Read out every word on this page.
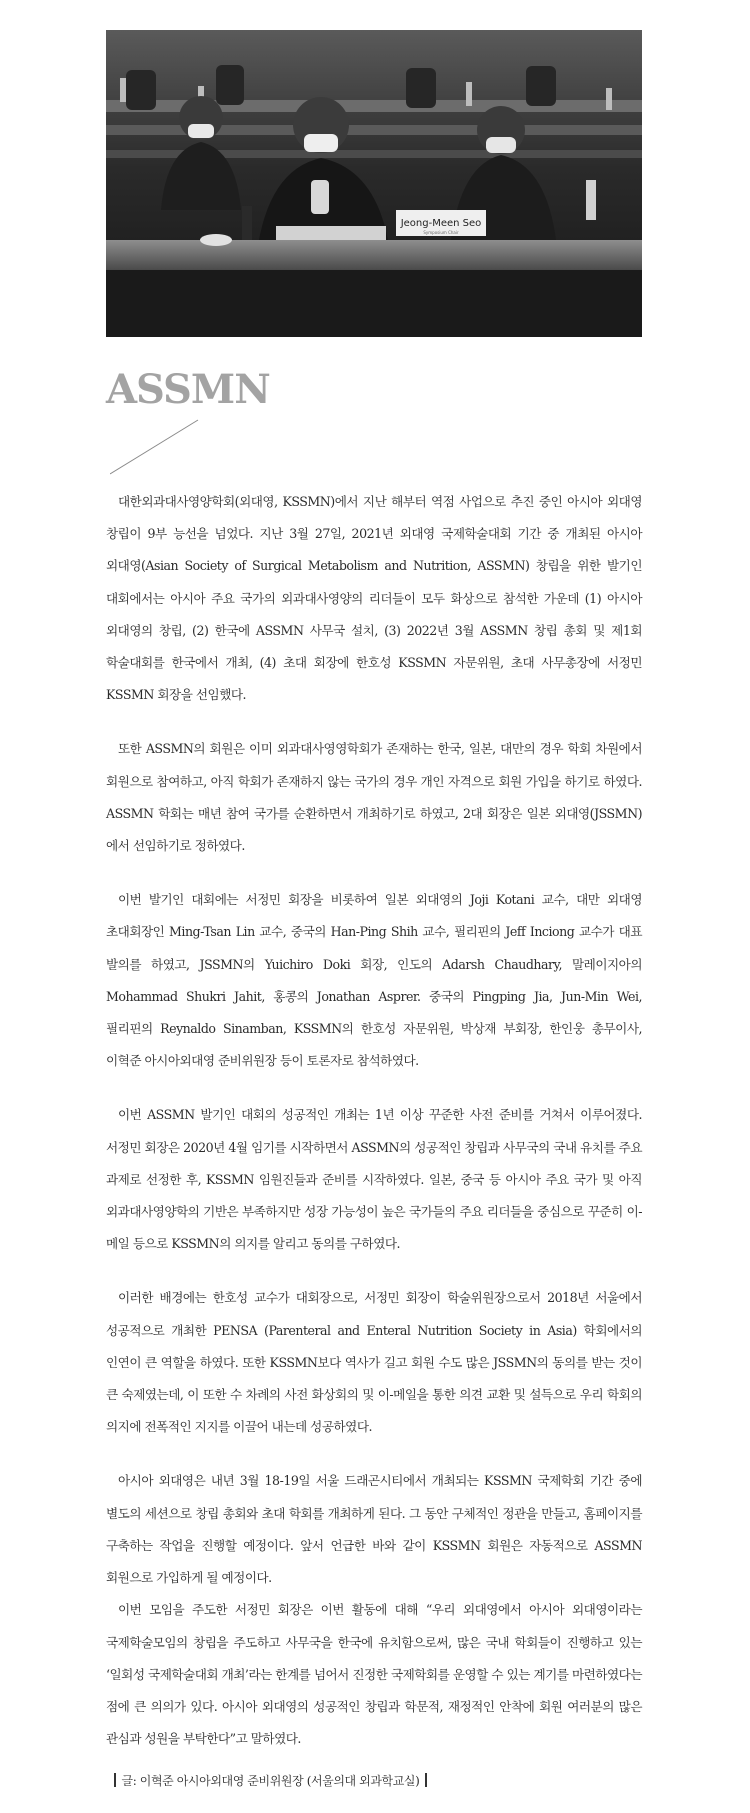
Jeong-Meen Seo
Symposium Chair
ASSMN

대한외과대사영양학회(외대영, KSSMN)에서 지난 해부터 역점 사업으로 추진 중인 아시아 외대영 창립이 9부 능선을 넘었다. 지난 3월 27일, 2021년 외대영 국제학술대회 기간 중 개최된 아시아 외대영(Asian Society of Surgical Metabolism and Nutrition, ASSMN) 창립을 위한 발기인 대회에서는 아시아 주요 국가의 외과대사영양의 리더들이 모두 화상으로 참석한 가운데 (1) 아시아 외대영의 창립, (2) 한국에 ASSMN 사무국 설치, (3) 2022년 3월 ASSMN 창립 총회 및 제1회 학술대회를 한국에서 개최, (4) 초대 회장에 한호성 KSSMN 자문위원, 초대 사무총장에 서정민 KSSMN 회장을 선임했다.

또한 ASSMN의 회원은 이미 외과대사영영학회가 존재하는 한국, 일본, 대만의 경우 학회 차원에서 회원으로 참여하고, 아직 학회가 존재하지 않는 국가의 경우 개인 자격으로 회원 가입을 하기로 하였다. ASSMN 학회는 매년 참여 국가를 순환하면서 개최하기로 하였고, 2대 회장은 일본 외대영(JSSMN)에서 선임하기로 정하였다.

이번 발기인 대회에는 서정민 회장을 비롯하여 일본 외대영의 Joji Kotani 교수, 대만 외대영 초대회장인 Ming-Tsan Lin 교수, 중국의 Han-Ping Shih 교수, 필리핀의 Jeff Inciong 교수가 대표 발의를 하였고, JSSMN의 Yuichiro Doki 회장, 인도의 Adarsh Chaudhary, 말레이지아의 Mohammad Shukri Jahit, 홍콩의 Jonathan Asprer. 중국의 Pingping Jia, Jun-Min Wei, 필리핀의 Reynaldo Sinamban, KSSMN의 한호성 자문위원, 박상재 부회장, 한인웅 총무이사, 이혁준 아시아외대영 준비위원장 등이 토론자로 참석하였다.

이번 ASSMN 발기인 대회의 성공적인 개최는 1년 이상 꾸준한 사전 준비를 거쳐서 이루어졌다. 서정민 회장은 2020년 4월 임기를 시작하면서 ASSMN의 성공적인 창립과 사무국의 국내 유치를 주요 과제로 선정한 후, KSSMN 임원진들과 준비를 시작하였다. 일본, 중국 등 아시아 주요 국가 및 아직 외과대사영양학의 기반은 부족하지만 성장 가능성이 높은 국가들의 주요 리더들을 중심으로 꾸준히 이-메일 등으로 KSSMN의 의지를 알리고 동의를 구하였다.

이러한 배경에는 한호성 교수가 대회장으로, 서정민 회장이 학술위원장으로서 2018년 서울에서 성공적으로 개최한 PENSA (Parenteral and Enteral Nutrition Society in Asia) 학회에서의 인연이 큰 역할을 하였다. 또한 KSSMN보다 역사가 길고 회원 수도 많은 JSSMN의 동의를 받는 것이 큰 숙제였는데, 이 또한 수 차례의 사전 화상회의 및 이-메일을 통한 의견 교환 및 설득으로 우리 학회의 의지에 전폭적인 지지를 이끌어 내는데 성공하였다.

아시아 외대영은 내년 3월 18-19일 서울 드래곤시티에서 개최되는 KSSMN 국제학회 기간 중에 별도의 세션으로 창립 총회와 초대 학회를 개최하게 된다. 그 동안 구체적인 정관을 만들고, 홈페이지를 구축하는 작업을 진행할 예정이다. 앞서 언급한 바와 같이 KSSMN 회원은 자동적으로 ASSMN 회원으로 가입하게 될 예정이다.

이번 모임을 주도한 서정민 회장은 이번 활동에 대해 “우리 외대영에서 아시아 외대영이라는 국제학술모임의 창립을 주도하고 사무국을 한국에 유치함으로써, 많은 국내 학회들이 진행하고 있는 ‘일회성 국제학술대회 개최’라는 한계를 넘어서 진정한 국제학회를 운영할 수 있는 계기를 마련하였다는 점에 큰 의의가 있다. 아시아 외대영의 성공적인 창립과 학문적, 재정적인 안착에 회원 여러분의 많은 관심과 성원을 부탁한다”고 말하였다.

글: 이혁준 아시아외대영 준비위원장 (서울의대 외과학교실)
